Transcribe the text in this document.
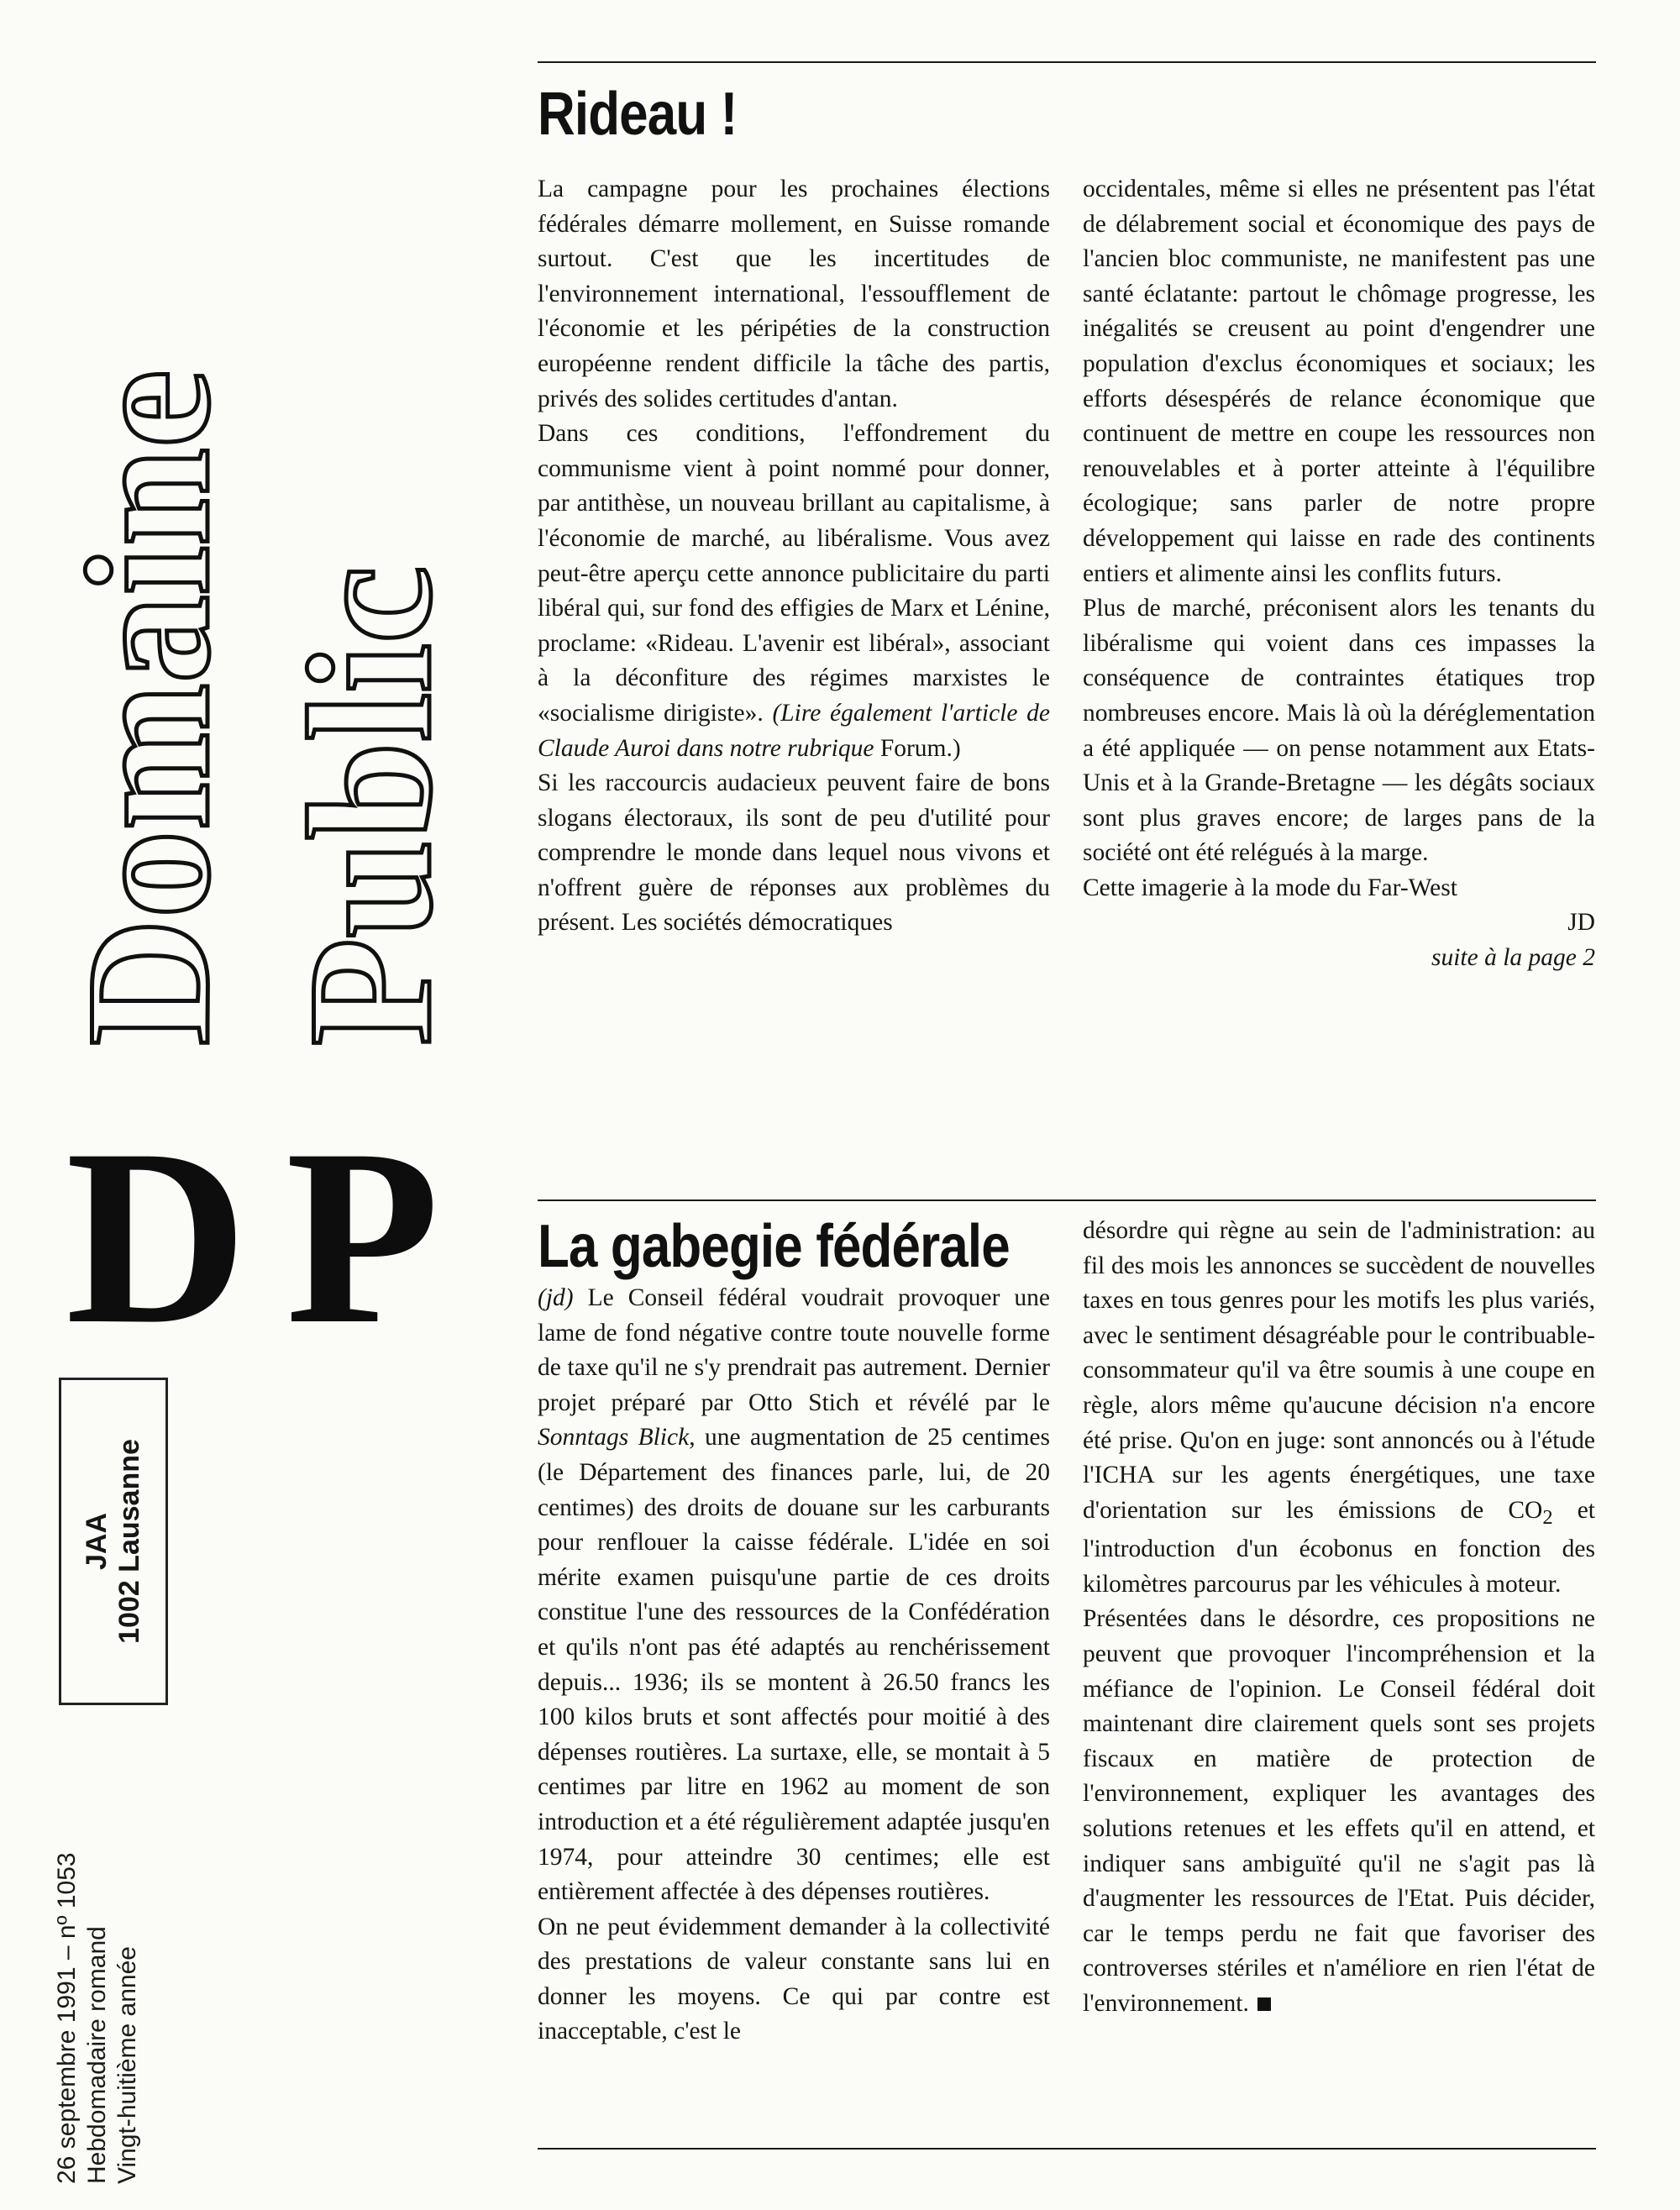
Domaine Public
D P
JAA 1002 Lausanne
26 septembre 1991 – nº 1053 Hebdomadaire romand Vingt-huitième année
Rideau !

La campagne pour les prochaines élections fédérales démarre mollement, en Suisse romande surtout. C'est que les incertitudes de l'environnement international, l'essoufflement de l'économie et les péripéties de la construction européenne rendent difficile la tâche des partis, privés des solides certitudes d'antan.

Dans ces conditions, l'effondrement du communisme vient à point nommé pour donner, par antithèse, un nouveau brillant au capitalisme, à l'économie de marché, au libéralisme. Vous avez peut-être aperçu cette annonce publicitaire du parti libéral qui, sur fond des effigies de Marx et Lénine, proclame: «Rideau. L'avenir est libéral», associant à la déconfiture des régimes marxistes le «socialisme dirigiste». (Lire également l'article de Claude Auroi dans notre rubrique Forum.)

Si les raccourcis audacieux peuvent faire de bons slogans électoraux, ils sont de peu d'utilité pour comprendre le monde dans lequel nous vivons et n'offrent guère de réponses aux problèmes du présent. Les sociétés démocratiques

occidentales, même si elles ne présentent pas l'état de délabrement social et économique des pays de l'ancien bloc communiste, ne manifestent pas une santé éclatante: partout le chômage progresse, les inégalités se creusent au point d'engendrer une population d'exclus économiques et sociaux; les efforts désespérés de relance économique que continuent de mettre en coupe les ressources non renouvelables et à porter atteinte à l'équilibre écologique; sans parler de notre propre développement qui laisse en rade des continents entiers et alimente ainsi les conflits futurs.

Plus de marché, préconisent alors les tenants du libéralisme qui voient dans ces impasses la conséquence de contraintes étatiques trop nombreuses encore. Mais là où la déréglementation a été appliquée — on pense notamment aux Etats-Unis et à la Grande-Bretagne — les dégâts sociaux sont plus graves encore; de larges pans de la société ont été relégués à la marge.

Cette imagerie à la mode du Far-West

JD

suite à la page 2

La gabegie fédérale

(jd) Le Conseil fédéral voudrait provoquer une lame de fond négative contre toute nouvelle forme de taxe qu'il ne s'y prendrait pas autrement. Dernier projet préparé par Otto Stich et révélé par le Sonntags Blick, une augmentation de 25 centimes (le Département des finances parle, lui, de 20 centimes) des droits de douane sur les carburants pour renflouer la caisse fédérale. L'idée en soi mérite examen puisqu'une partie de ces droits constitue l'une des ressources de la Confédération et qu'ils n'ont pas été adaptés au renchérissement depuis... 1936; ils se montent à 26.50 francs les 100 kilos bruts et sont affectés pour moitié à des dépenses routières. La surtaxe, elle, se montait à 5 centimes par litre en 1962 au moment de son introduction et a été régulièrement adaptée jusqu'en 1974, pour atteindre 30 centimes; elle est entièrement affectée à des dépenses routières.

On ne peut évidemment demander à la collectivité des prestations de valeur constante sans lui en donner les moyens. Ce qui par contre est inacceptable, c'est le

désordre qui règne au sein de l'administration: au fil des mois les annonces se succèdent de nouvelles taxes en tous genres pour les motifs les plus variés, avec le sentiment désagréable pour le contribuable-consommateur qu'il va être soumis à une coupe en règle, alors même qu'aucune décision n'a encore été prise. Qu'on en juge: sont annoncés ou à l'étude l'ICHA sur les agents énergétiques, une taxe d'orientation sur les émissions de $CO_2$ et l'introduction d'un écobonus en fonction des kilomètres parcourus par les véhicules à moteur.

Présentées dans le désordre, ces propositions ne peuvent que provoquer l'incompréhension et la méfiance de l'opinion. Le Conseil fédéral doit maintenant dire clairement quels sont ses projets fiscaux en matière de protection de l'environnement, expliquer les avantages des solutions retenues et les effets qu'il en attend, et indiquer sans ambiguïté qu'il ne s'agit pas là d'augmenter les ressources de l'Etat. Puis décider, car le temps perdu ne fait que favoriser des controverses stériles et n'améliore en rien l'état de l'environnement.
